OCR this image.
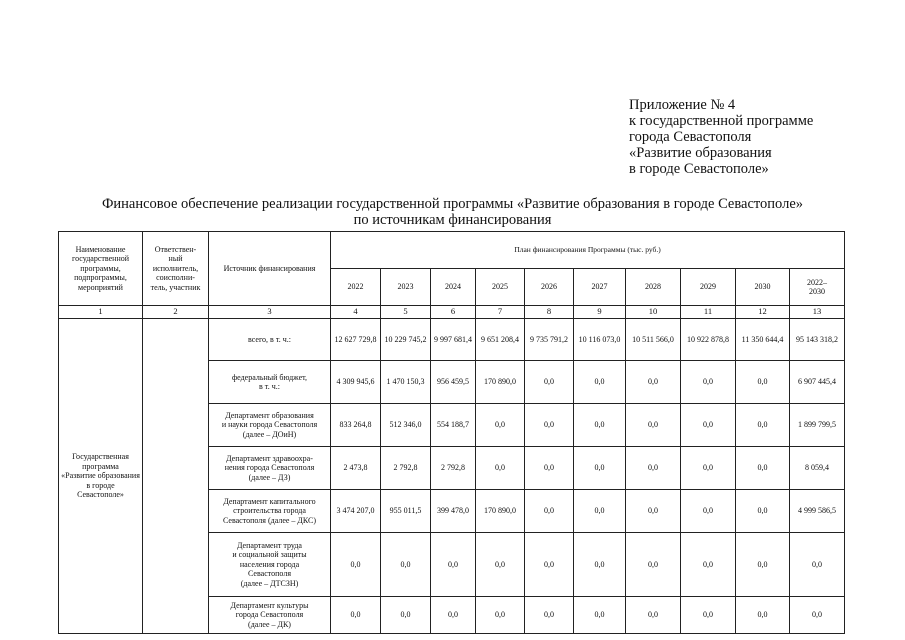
Приложение № 4
к государственной программе
города Севастополя
«Развитие образования
в городе Севастополе»
Финансовое обеспечение реализации государственной программы «Развитие образования в городе Севастополе»
по источникам финансирования
Наименование
государственной
программы,
подпрограммы,
мероприятий	Ответствен-
ный
исполнитель,
соисполни-
тель, участник	Источник финансирования	План финансирования Программы (тыс. руб.)									
			2022	2023	2024	2025	2026	2027	2028	2029	2030	2022–
2030
1	2	3	4	5	6	7	8	9	10	11	12	13
Государственная программа
«Развитие образования в городе
Севастополе»		всего, в т. ч.:	12 627 729,8	10 229 745,2	9 997 681,4	9 651 208,4	9 735 791,2	10 116 073,0	10 511 566,0	10 922 878,8	11 350 644,4	95 143 318,2
		федеральный бюджет,
в т. ч.:	4 309 945,6	1 470 150,3	956 459,5	170 890,0	0,0	0,0	0,0	0,0	0,0	6 907 445,4
		Департамент образования
и науки города Севастополя
(далее – ДОиН)	833 264,8	512 346,0	554 188,7	0,0	0,0	0,0	0,0	0,0	0,0	1 899 799,5
		Департамент здравоохра-
нения города Севастополя
(далее – ДЗ)	2 473,8	2 792,8	2 792,8	0,0	0,0	0,0	0,0	0,0	0,0	8 059,4
		Департамент капитального
строительства города
Севастополя (далее – ДКС)	3 474 207,0	955 011,5	399 478,0	170 890,0	0,0	0,0	0,0	0,0	0,0	4 999 586,5
		Департамент труда
и социальной защиты
населения города
Севастополя
(далее – ДТСЗН)	0,0	0,0	0,0	0,0	0,0	0,0	0,0	0,0	0,0	0,0
		Департамент культуры
города Севастополя
(далее – ДК)	0,0	0,0	0,0	0,0	0,0	0,0	0,0	0,0	0,0	0,0
